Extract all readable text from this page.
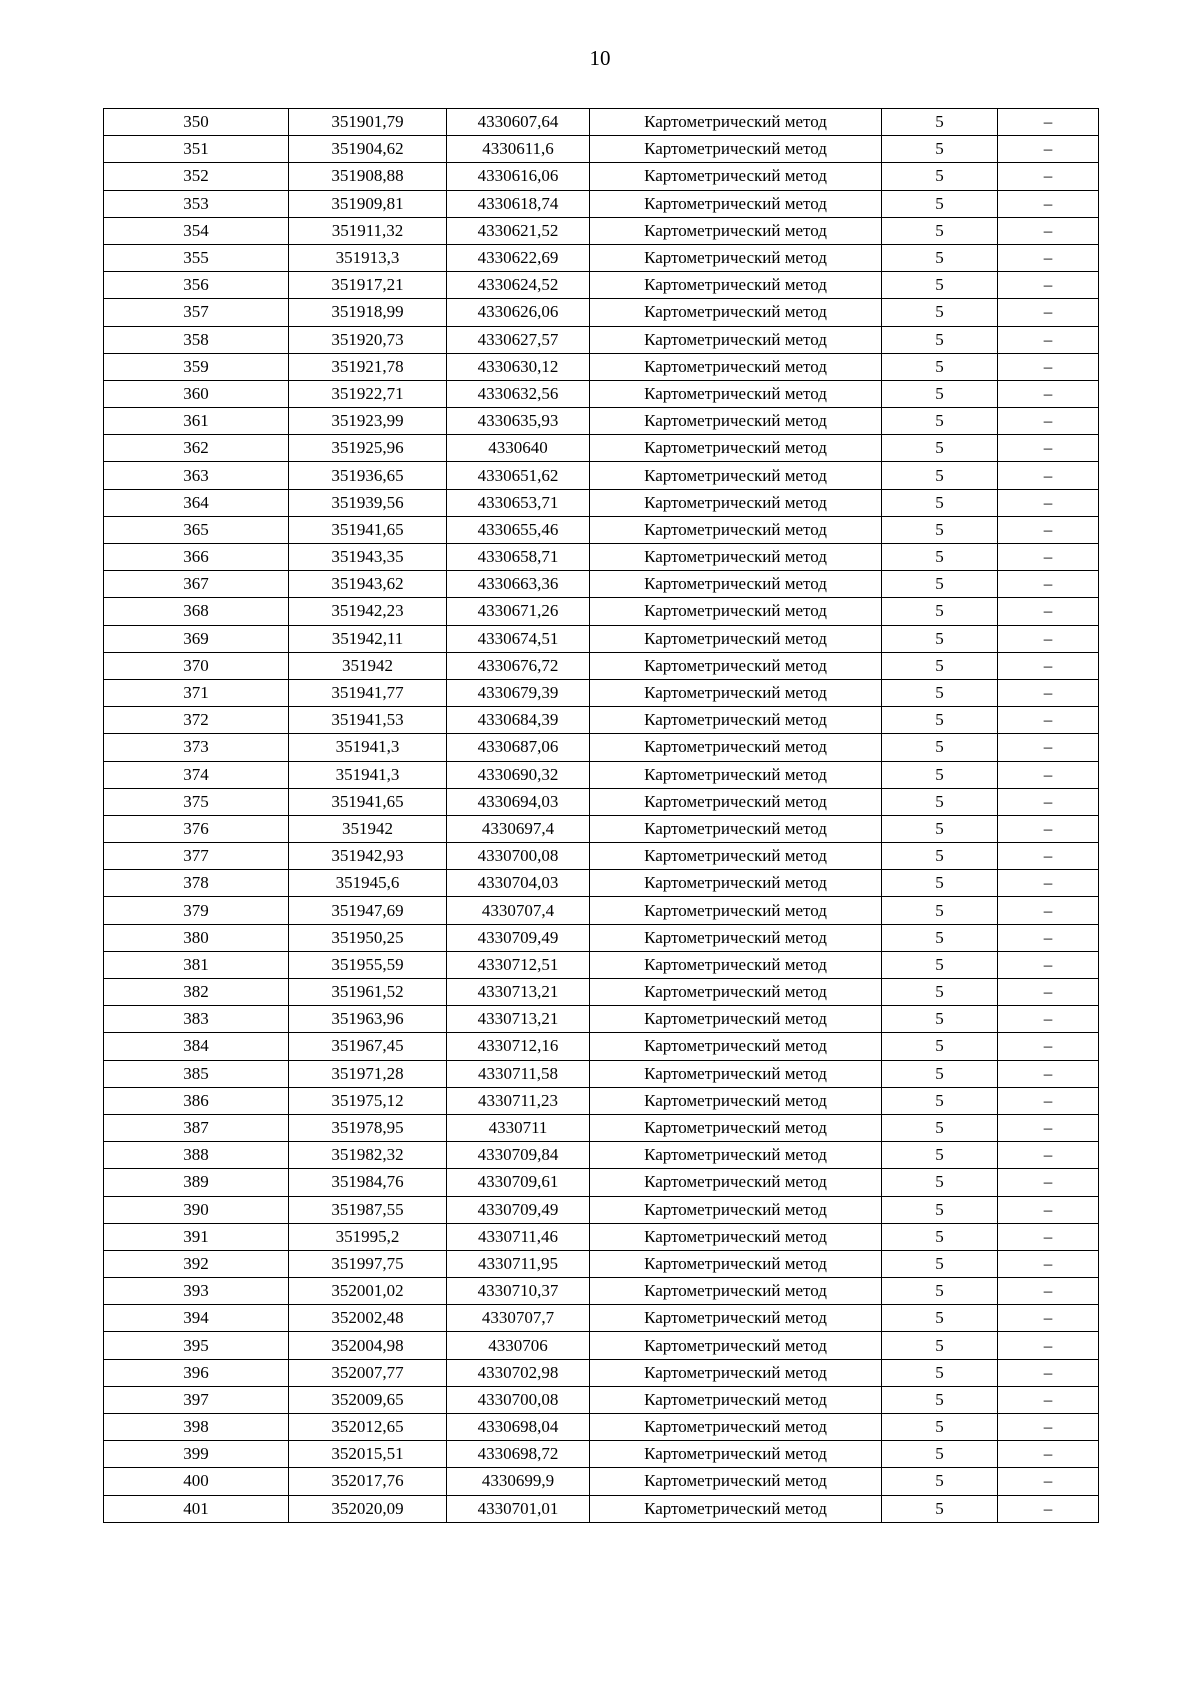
10
350	351901,79	4330607,64	Картометрический метод	5	–
351	351904,62	4330611,6	Картометрический метод	5	–
352	351908,88	4330616,06	Картометрический метод	5	–
353	351909,81	4330618,74	Картометрический метод	5	–
354	351911,32	4330621,52	Картометрический метод	5	–
355	351913,3	4330622,69	Картометрический метод	5	–
356	351917,21	4330624,52	Картометрический метод	5	–
357	351918,99	4330626,06	Картометрический метод	5	–
358	351920,73	4330627,57	Картометрический метод	5	–
359	351921,78	4330630,12	Картометрический метод	5	–
360	351922,71	4330632,56	Картометрический метод	5	–
361	351923,99	4330635,93	Картометрический метод	5	–
362	351925,96	4330640	Картометрический метод	5	–
363	351936,65	4330651,62	Картометрический метод	5	–
364	351939,56	4330653,71	Картометрический метод	5	–
365	351941,65	4330655,46	Картометрический метод	5	–
366	351943,35	4330658,71	Картометрический метод	5	–
367	351943,62	4330663,36	Картометрический метод	5	–
368	351942,23	4330671,26	Картометрический метод	5	–
369	351942,11	4330674,51	Картометрический метод	5	–
370	351942	4330676,72	Картометрический метод	5	–
371	351941,77	4330679,39	Картометрический метод	5	–
372	351941,53	4330684,39	Картометрический метод	5	–
373	351941,3	4330687,06	Картометрический метод	5	–
374	351941,3	4330690,32	Картометрический метод	5	–
375	351941,65	4330694,03	Картометрический метод	5	–
376	351942	4330697,4	Картометрический метод	5	–
377	351942,93	4330700,08	Картометрический метод	5	–
378	351945,6	4330704,03	Картометрический метод	5	–
379	351947,69	4330707,4	Картометрический метод	5	–
380	351950,25	4330709,49	Картометрический метод	5	–
381	351955,59	4330712,51	Картометрический метод	5	–
382	351961,52	4330713,21	Картометрический метод	5	–
383	351963,96	4330713,21	Картометрический метод	5	–
384	351967,45	4330712,16	Картометрический метод	5	–
385	351971,28	4330711,58	Картометрический метод	5	–
386	351975,12	4330711,23	Картометрический метод	5	–
387	351978,95	4330711	Картометрический метод	5	–
388	351982,32	4330709,84	Картометрический метод	5	–
389	351984,76	4330709,61	Картометрический метод	5	–
390	351987,55	4330709,49	Картометрический метод	5	–
391	351995,2	4330711,46	Картометрический метод	5	–
392	351997,75	4330711,95	Картометрический метод	5	–
393	352001,02	4330710,37	Картометрический метод	5	–
394	352002,48	4330707,7	Картометрический метод	5	–
395	352004,98	4330706	Картометрический метод	5	–
396	352007,77	4330702,98	Картометрический метод	5	–
397	352009,65	4330700,08	Картометрический метод	5	–
398	352012,65	4330698,04	Картометрический метод	5	–
399	352015,51	4330698,72	Картометрический метод	5	–
400	352017,76	4330699,9	Картометрический метод	5	–
401	352020,09	4330701,01	Картометрический метод	5	–
